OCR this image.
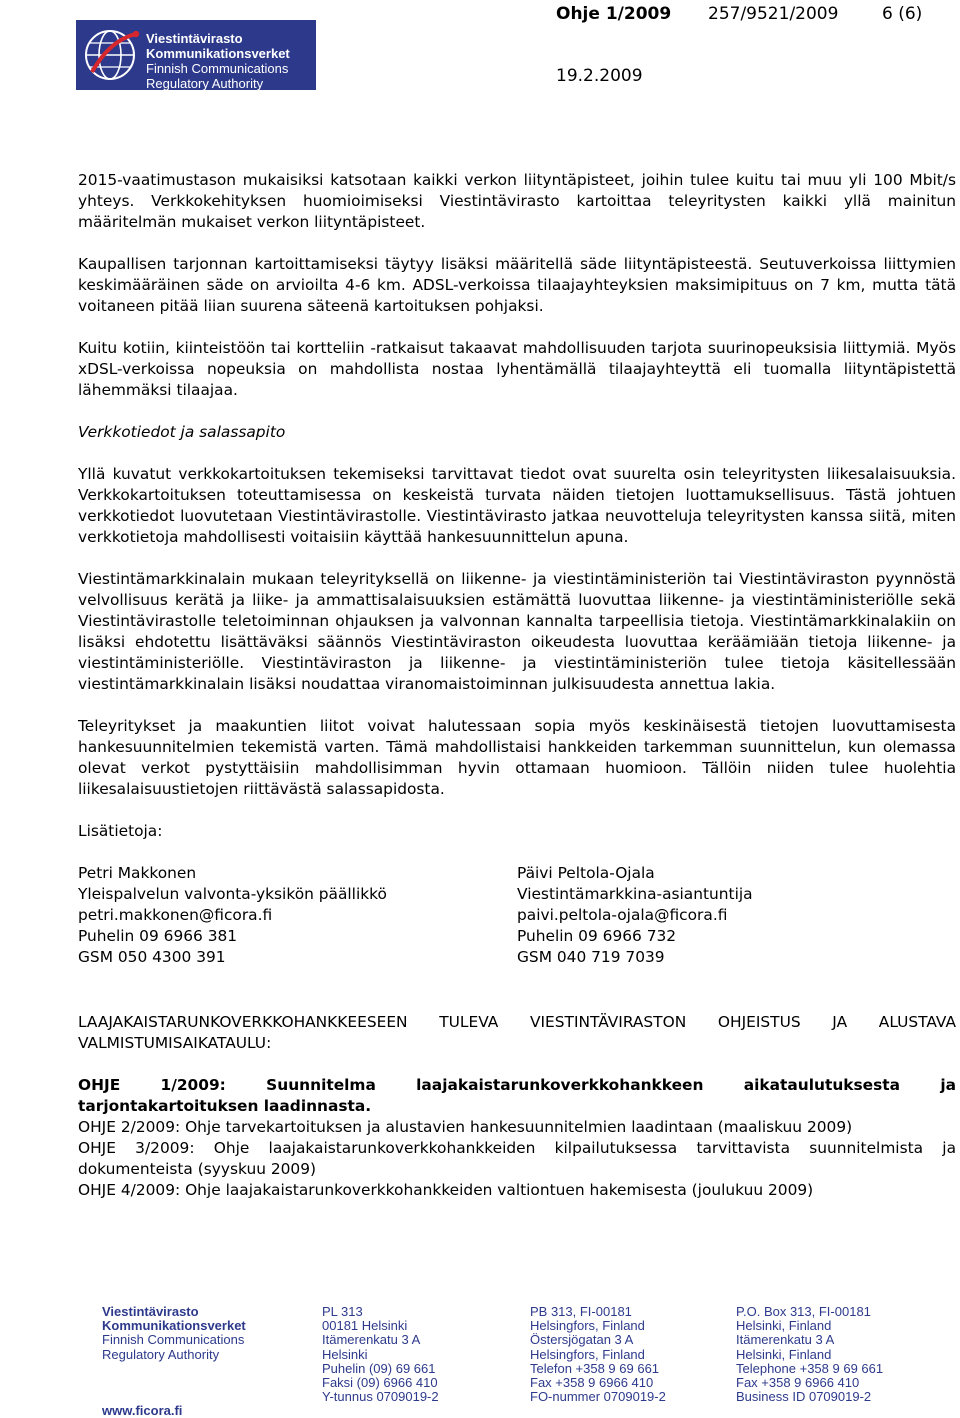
Viestintävirasto
Kommunikationsverket
Finnish Communications
Regulatory Authority
Ohje 1/2009	257/9521/2009	6 (6)
19.2.2009

2015-vaatimustason mukaisiksi katsotaan kaikki verkon liityntäpisteet, joihin tulee kuitu tai muu yli 100 Mbit/s yhteys. Verkkokehityksen huomioimiseksi Viestintävirasto kartoittaa teleyritysten kaikki yllä mainitun määritelmän mukaiset verkon liityntäpisteet.

Kaupallisen tarjonnan kartoittamiseksi täytyy lisäksi määritellä säde liityntäpisteestä. Seutuverkoissa liittymien keskimääräinen säde on arvioilta 4-6 km. ADSL-verkoissa tilaajayhteyksien maksimipituus on 7 km, mutta tätä voitaneen pitää liian suurena säteenä kartoituksen pohjaksi.

Kuitu kotiin, kiinteistöön tai kortteliin -ratkaisut takaavat mahdollisuuden tarjota suurinopeuksisia liittymiä. Myös xDSL-verkoissa nopeuksia on mahdollista nostaa lyhentämällä tilaajayhteyttä eli tuomalla liityntäpistettä lähemmäksi tilaajaa.

Verkkotiedot ja salassapito

Yllä kuvatut verkkokartoituksen tekemiseksi tarvittavat tiedot ovat suurelta osin teleyritysten liikesalaisuuksia. Verkkokartoituksen toteuttamisessa on keskeistä turvata näiden tietojen luottamuksellisuus. Tästä johtuen verkkotiedot luovutetaan Viestintävirastolle. Viestintävirasto jatkaa neuvotteluja teleyritysten kanssa siitä, miten verkkotietoja mahdollisesti voitaisiin käyttää hankesuunnittelun apuna.

Viestintämarkkinalain mukaan teleyrityksellä on liikenne- ja viestintäministeriön tai Viestintäviraston pyynnöstä velvollisuus kerätä ja liike- ja ammattisalaisuuksien estämättä luovuttaa liikenne- ja viestintäministeriölle sekä Viestintävirastolle teletoiminnan ohjauksen ja valvonnan kannalta tarpeellisia tietoja. Viestintämarkkinalakiin on lisäksi ehdotettu lisättäväksi säännös Viestintäviraston oikeudesta luovuttaa keräämiään tietoja liikenne- ja viestintäministeriölle. Viestintäviraston ja liikenne- ja viestintäministeriön tulee tietoja käsitellessään viestintämarkkinalain lisäksi noudattaa viranomaistoiminnan julkisuudesta annettua lakia.

Teleyritykset ja maakuntien liitot voivat halutessaan sopia myös keskinäisestä tietojen luovuttamisesta hankesuunnitelmien tekemistä varten. Tämä mahdollistaisi hankkeiden tarkemman suunnittelun, kun olemassa olevat verkot pystyttäisiin mahdollisimman hyvin ottamaan huomioon. Tällöin niiden tulee huolehtia liikesalaisuustietojen riittävästä salassapidosta.

Lisätietoja:

Petri Makkonen
Yleispalvelun valvonta-yksikön päällikkö
petri.makkonen@ficora.fi
Puhelin 09 6966 381
GSM 050 4300 391
Päivi Peltola-Ojala
Viestintämarkkina-asiantuntija
paivi.peltola-ojala@ficora.fi
Puhelin 09 6966 732
GSM 040 719 7039
LAAJAKAISTARUNKOVERKKOHANKKEESEEN TULEVA VIESTINTÄVIRASTON OHJEISTUS JA ALUSTAVA VALMISTUMISAIKATAULU:

OHJE 1/2009: Suunnitelma laajakaistarunkoverkkohankkeen aikataulutuksesta ja tarjontakartoituksen laadinnasta.

OHJE 2/2009: Ohje tarvekartoituksen ja alustavien hankesuunnitelmien laadintaan (maaliskuu 2009)

OHJE 3/2009: Ohje laajakaistarunkoverkkohankkeiden kilpailutuksessa tarvittavista suunnitelmista ja dokumenteista (syyskuu 2009)

OHJE 4/2009: Ohje laajakaistarunkoverkkohankkeiden valtiontuen hakemisesta (joulukuu 2009)

Viestintävirasto
Kommunikationsverket
Finnish Communications
Regulatory Authority
www.ficora.fi
PL 313
00181 Helsinki
Itämerenkatu 3 A
Helsinki
Puhelin (09) 69 661
Faksi (09) 6966 410
Y-tunnus 0709019-2
PB 313, FI-00181
Helsingfors, Finland
Östersjögatan 3 A
Helsingfors, Finland
Telefon +358 9 69 661
Fax +358 9 6966 410
FO-nummer 0709019-2
P.O. Box 313, FI-00181
Helsinki, Finland
Itämerenkatu 3 A
Helsinki, Finland
Telephone +358 9 69 661
Fax +358 9 6966 410
Business ID 0709019-2
